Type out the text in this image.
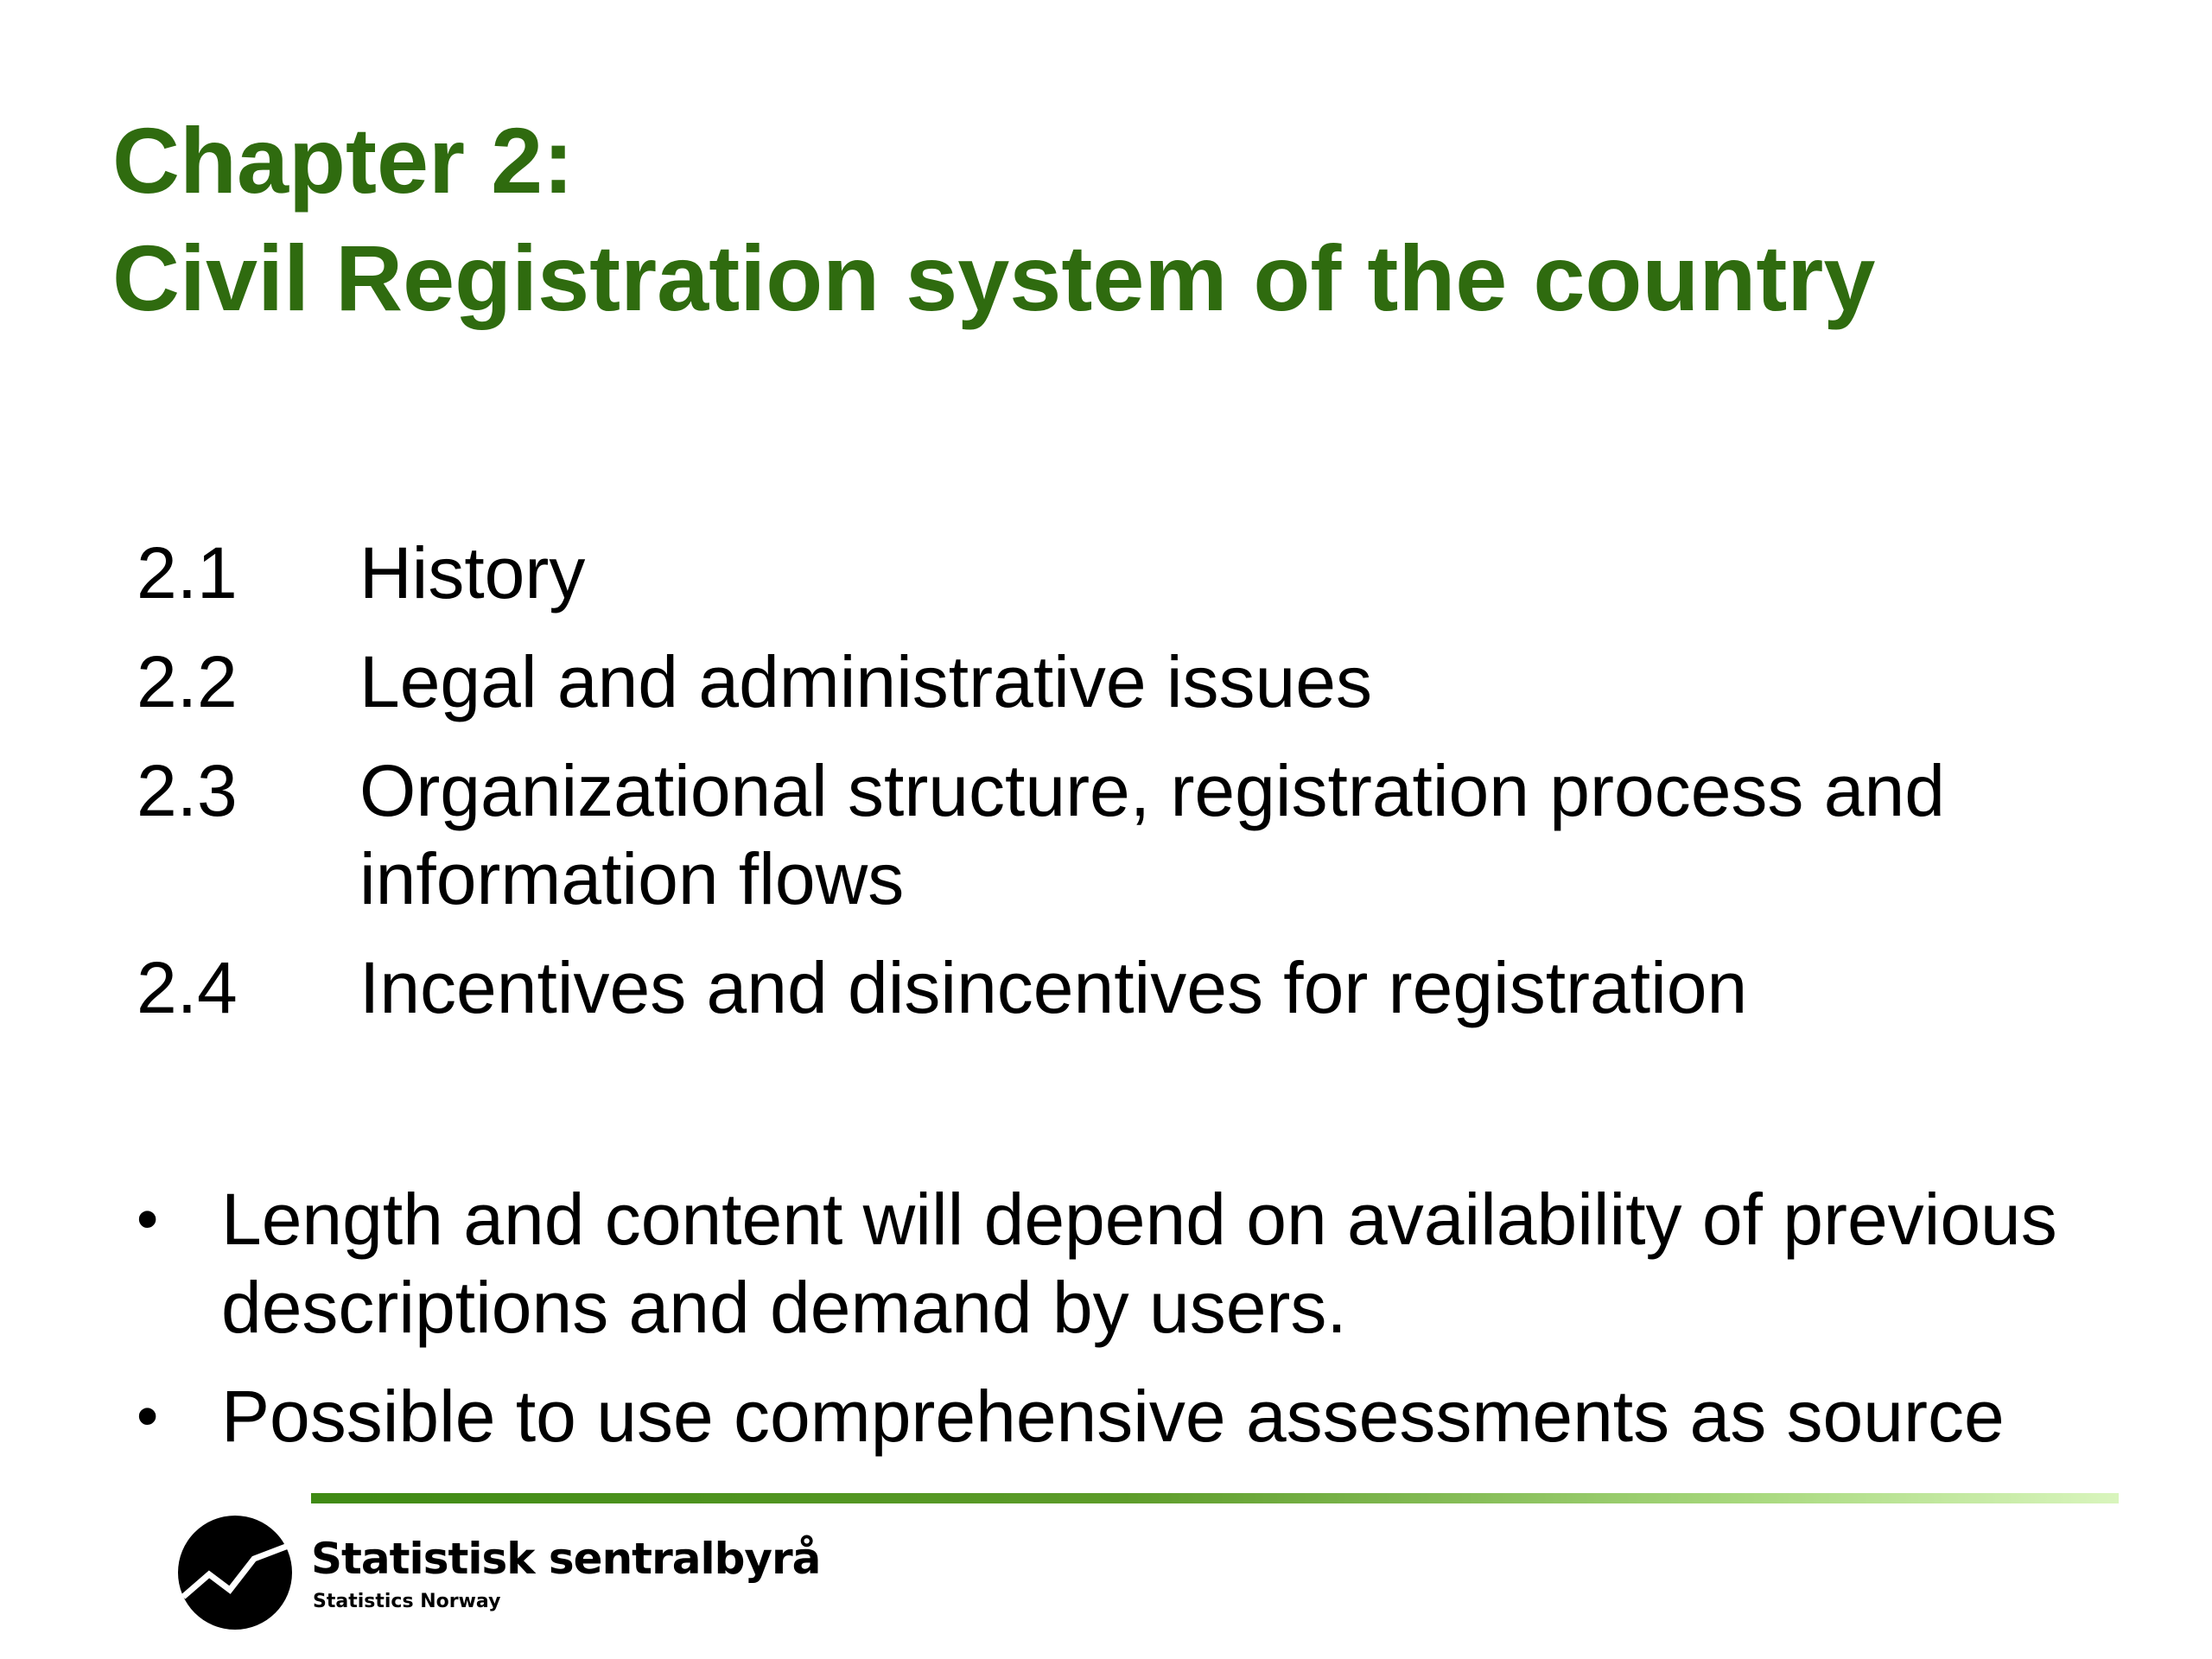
Chapter 2:
Civil Registration system of the country
2.1	History
2.2	Legal and administrative issues
2.3	Organizational structure, registration process and information flows
2.4	Incentives and disincentives for registration
• Length and content will depend on availability of previous descriptions and demand by users.
• Possible to use comprehensive assessments as source
Statistisk sentralbyrå
Statistics Norway
